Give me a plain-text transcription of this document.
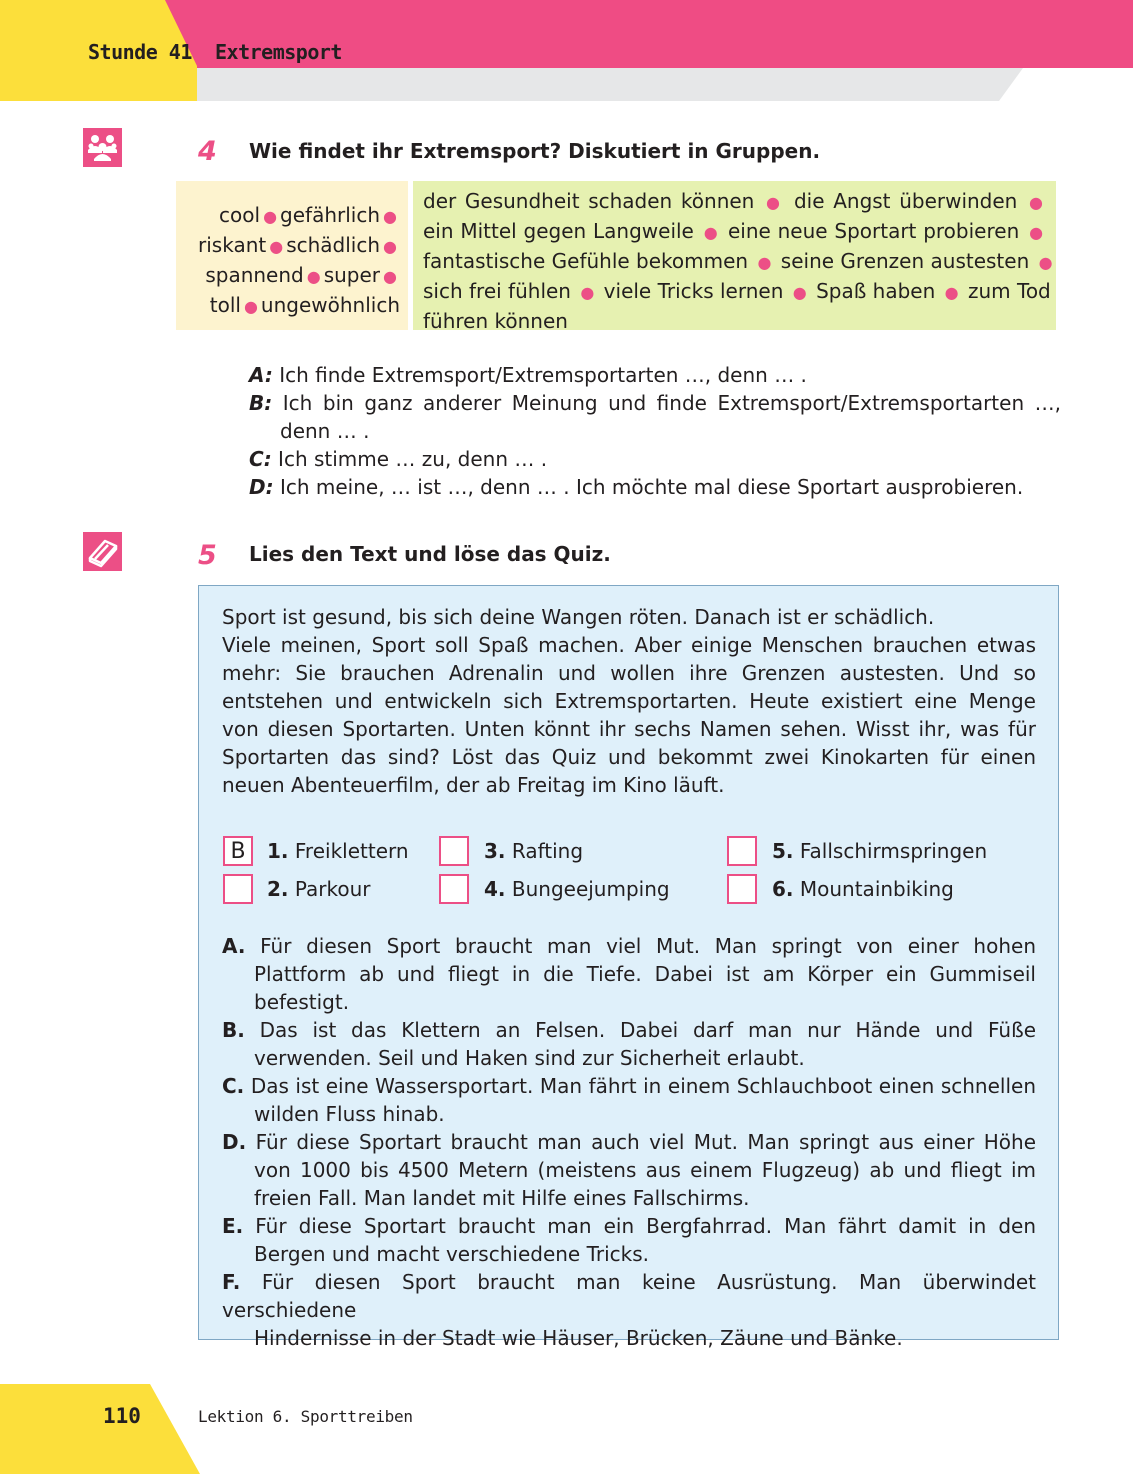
Stunde 41 Extremsport
4 Wie findet ihr Extremsport? Diskutiert in Gruppen.
cool ● gefährlich ●
riskant ● schädlich ●
spannend ● super ●
toll ● ungewöhnlich
der Gesundheit schaden können ● die Angst überwinden ●
ein Mittel gegen Langweile ● eine neue Sportart probieren ●
fantastische Gefühle bekommen ● seine Grenzen austesten ●
sich frei fühlen ● viele Tricks lernen ● Spaß haben ● zum Tod
führen können
A: Ich finde Extremsport/Extremsportarten …, denn … .
B: Ich bin ganz anderer Meinung und finde Extremsport/Extremsportarten …,
denn … .
C: Ich stimme … zu, denn … .
D: Ich meine, … ist …, denn … . Ich möchte mal diese Sportart ausprobieren.
5 Lies den Text und löse das Quiz.
Sport ist gesund, bis sich deine Wangen röten. Danach ist er schädlich.
Viele meinen, Sport soll Spaß machen. Aber einige Menschen brauchen etwas
mehr: Sie brauchen Adrenalin und wollen ihre Grenzen austesten. Und so
entstehen und entwickeln sich Extremsportarten. Heute existiert eine Menge
von diesen Sportarten. Unten könnt ihr sechs Namen sehen. Wisst ihr, was für
Sportarten das sind? Löst das Quiz und bekommt zwei Kinokarten für einen
neuen Abenteuerfilm, der ab Freitag im Kino läuft.
B	1. Freiklettern
2. Parkour
3. Rafting
4. Bungeejumping
5. Fallschirmspringen
6. Mountainbiking
A. Für diesen Sport braucht man viel Mut. Man springt von einer hohen
Plattform ab und fliegt in die Tiefe. Dabei ist am Körper ein Gummiseil
befestigt.
B. Das ist das Klettern an Felsen. Dabei darf man nur Hände und Füße
verwenden. Seil und Haken sind zur Sicherheit erlaubt.
C. Das ist eine Wassersportart. Man fährt in einem Schlauchboot einen schnellen
wilden Fluss hinab.
D. Für diese Sportart braucht man auch viel Mut. Man springt aus einer Höhe
von 1000 bis 4500 Metern (meistens aus einem Flugzeug) ab und fliegt im
freien Fall. Man landet mit Hilfe eines Fallschirms.
E. Für diese Sportart braucht man ein Bergfahrrad. Man fährt damit in den
Bergen und macht verschiedene Tricks.
F. Für diesen Sport braucht man keine Ausrüstung. Man überwindet verschiedene
Hindernisse in der Stadt wie Häuser, Brücken, Zäune und Bänke.
110	Lektion 6. Sporttreiben
